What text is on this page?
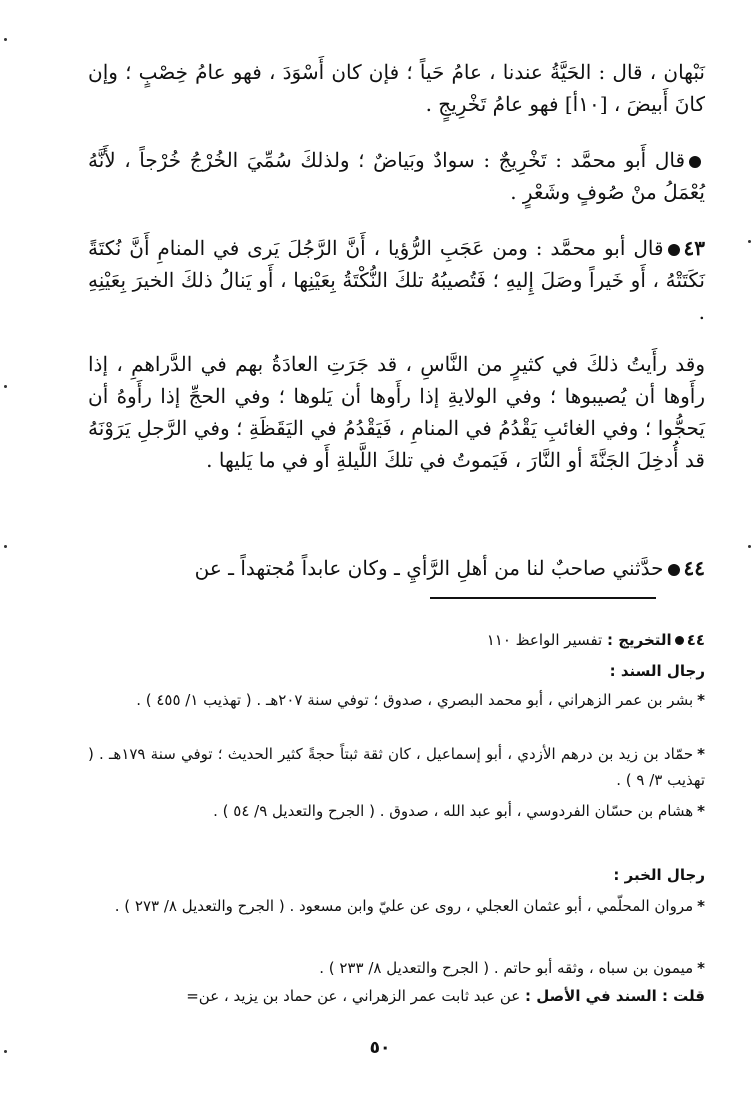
نَبْهان ، قال : الحَيَّةُ عندنا ، عامُ حَياً ؛ فإن كان أَسْوَدَ ، فهو عامُ خِصْبٍ ؛ وإن كانَ أَبيضَ ، [١٠أ] فهو عامُ تَخْرِيجٍ .
قال أَبو محمَّد : تَخْرِيجٌ : سوادٌ وبَياضٌ ؛ ولذلكَ سُمِّيَ الخُرْجُ خُرْجاً ، لأَنَّهُ يُعْمَلُ منْ صُوفٍ وشَعْرٍ .
٤٣قال أبو محمَّد : ومن عَجَبِ الرُّؤيا ، أَنَّ الرَّجُلَ يَرى في المنامِ أَنَّ نُكتَةً نَكَتَتْهُ ، أَو خَيراً وصَلَ إِليهِ ؛ فَتُصيبُهُ تلكَ النُّكْتَةُ بِعَيْنِها ، أَو يَنالُ ذلكَ الخيرَ بِعَيْنِهِ .
وقد رأَيتُ ذلكَ في كثيرٍ من النَّاسِ ، قد جَرَتِ العادَةُ بهم في الدَّراهمِ ، إذا رأَوها أن يُصيبوها ؛ وفي الولايةِ إذا رأَوها أن يَلوها ؛ وفي الحجِّ إذا رأَوهُ أن يَحجُّوا ؛ وفي الغائبِ يَقْدُمُ في المنامِ ، فَيَقْدُمُ في اليَقَظَةِ ؛ وفي الرَّجلِ يَرَوْنَهُ قد أُدخِلَ الجَنَّةَ أو النَّارَ ، فَيَموتُ في تلكَ اللَّيلةِ أَو في ما يَليها .
٤٤حدَّثني صاحبٌ لنا من أهلِ الرَّأيِ ـ وكان عابداً مُجتهداً ـ عن
٤٤التخريج : تفسير الواعظ ١١٠
رجال السند :
*بشر بن عمر الزهراني ، أبو محمد البصري ، صدوق ؛ توفي سنة ٢٠٧هـ . ( تهذيب ١/ ٤٥٥ ) .
*حمّاد بن زيد بن درهم الأزدي ، أبو إسماعيل ، كان ثقة ثبتاً حجةً كثير الحديث ؛ توفي سنة ١٧٩هـ . ( تهذيب ٣/ ٩ ) .
*هشام بن حسّان الفردوسي ، أبو عبد الله ، صدوق . ( الجرح والتعديل ٩/ ٥٤ ) .
رجال الخبر :
*مروان المحلّمي ، أبو عثمان العجلي ، روى عن عليّ وابن مسعود . ( الجرح والتعديل ٨/ ٢٧٣ ) .
*ميمون بن سباه ، وثقه أبو حاتم . ( الجرح والتعديل ٨/ ٢٣٣ ) .
قلت : السند في الأصل : عن عبد ثابت عمر الزهراني ، عن حماد بن يزيد ، عن=
٥٠
